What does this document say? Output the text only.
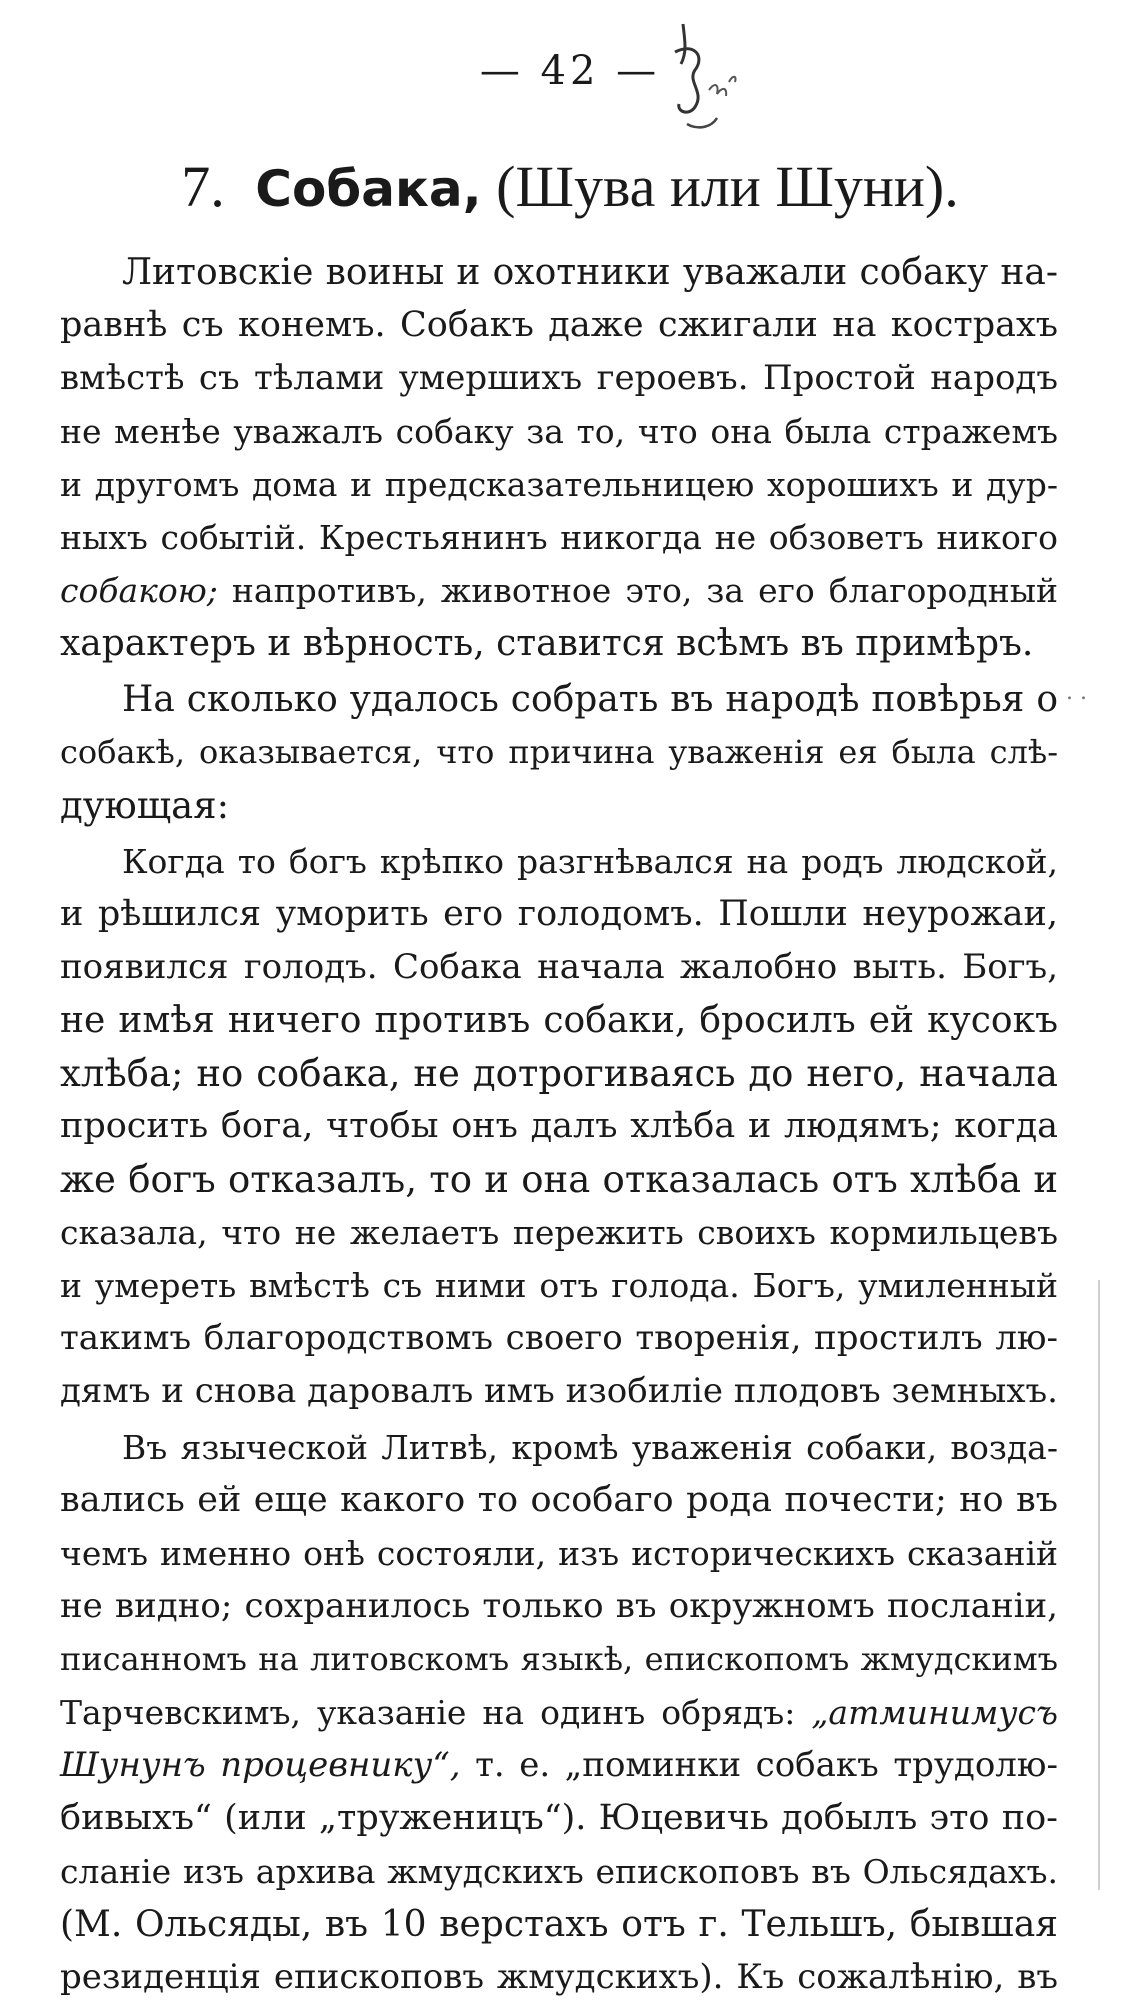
— 42 —
7. Собака, (Шува или Шуни).
Литовскіе воины и охотники уважали собаку на-
равнѣ съ конемъ. Собакъ даже сжигали на кострахъ
вмѣстѣ съ тѣлами умершихъ героевъ. Простой народъ
не менѣе уважалъ собаку за то, что она была стражемъ
и другомъ дома и предсказательницею хорошихъ и дур-
ныхъ событій. Крестьянинъ никогда не обзоветъ никого
собакою; напротивъ, животное это, за его благородный
характеръ и вѣрность, ставится всѣмъ въ примѣръ.
На сколько удалось собрать въ народѣ повѣрья о
собакѣ, оказывается, что причина уваженія ея была слѣ-
дующая:
Когда то богъ крѣпко разгнѣвался на родъ людской,
и рѣшился уморить его голодомъ. Пошли неурожаи,
появился голодъ. Собака начала жалобно выть. Богъ,
не имѣя ничего противъ собаки, бросилъ ей кусокъ
хлѣба; но собака, не дотрогиваясь до него, начала
просить бога, чтобы онъ далъ хлѣба и людямъ; когда
же богъ отказалъ, то и она отказалась отъ хлѣба и
сказала, что не желаетъ пережить своихъ кормильцевъ
и умереть вмѣстѣ съ ними отъ голода. Богъ, умиленный
такимъ благородствомъ своего творенія, простилъ лю-
дямъ и снова даровалъ имъ изобиліе плодовъ земныхъ.
Въ языческой Литвѣ, кромѣ уваженія собаки, возда-
вались ей еще какого то особаго рода почести; но въ
чемъ именно онѣ состояли, изъ историческихъ сказаній
не видно; сохранилось только въ окружномъ посланіи,
писанномъ на литовскомъ языкѣ, епископомъ жмудскимъ
Тарчевскимъ, указаніе на одинъ обрядъ: „атминимусъ
Шунунъ процевнику“, т. е. „поминки собакъ трудолю-
бивыхъ“ (или „труженицъ“). Юцевичь добылъ это по-
сланіе изъ архива жмудскихъ епископовъ въ Ольсядахъ.
(М. Ольсяды, въ 10 верстахъ отъ г. Тельшъ, бывшая
резиденція епископовъ жмудскихъ). Къ сожалѣнію, въ
. .
